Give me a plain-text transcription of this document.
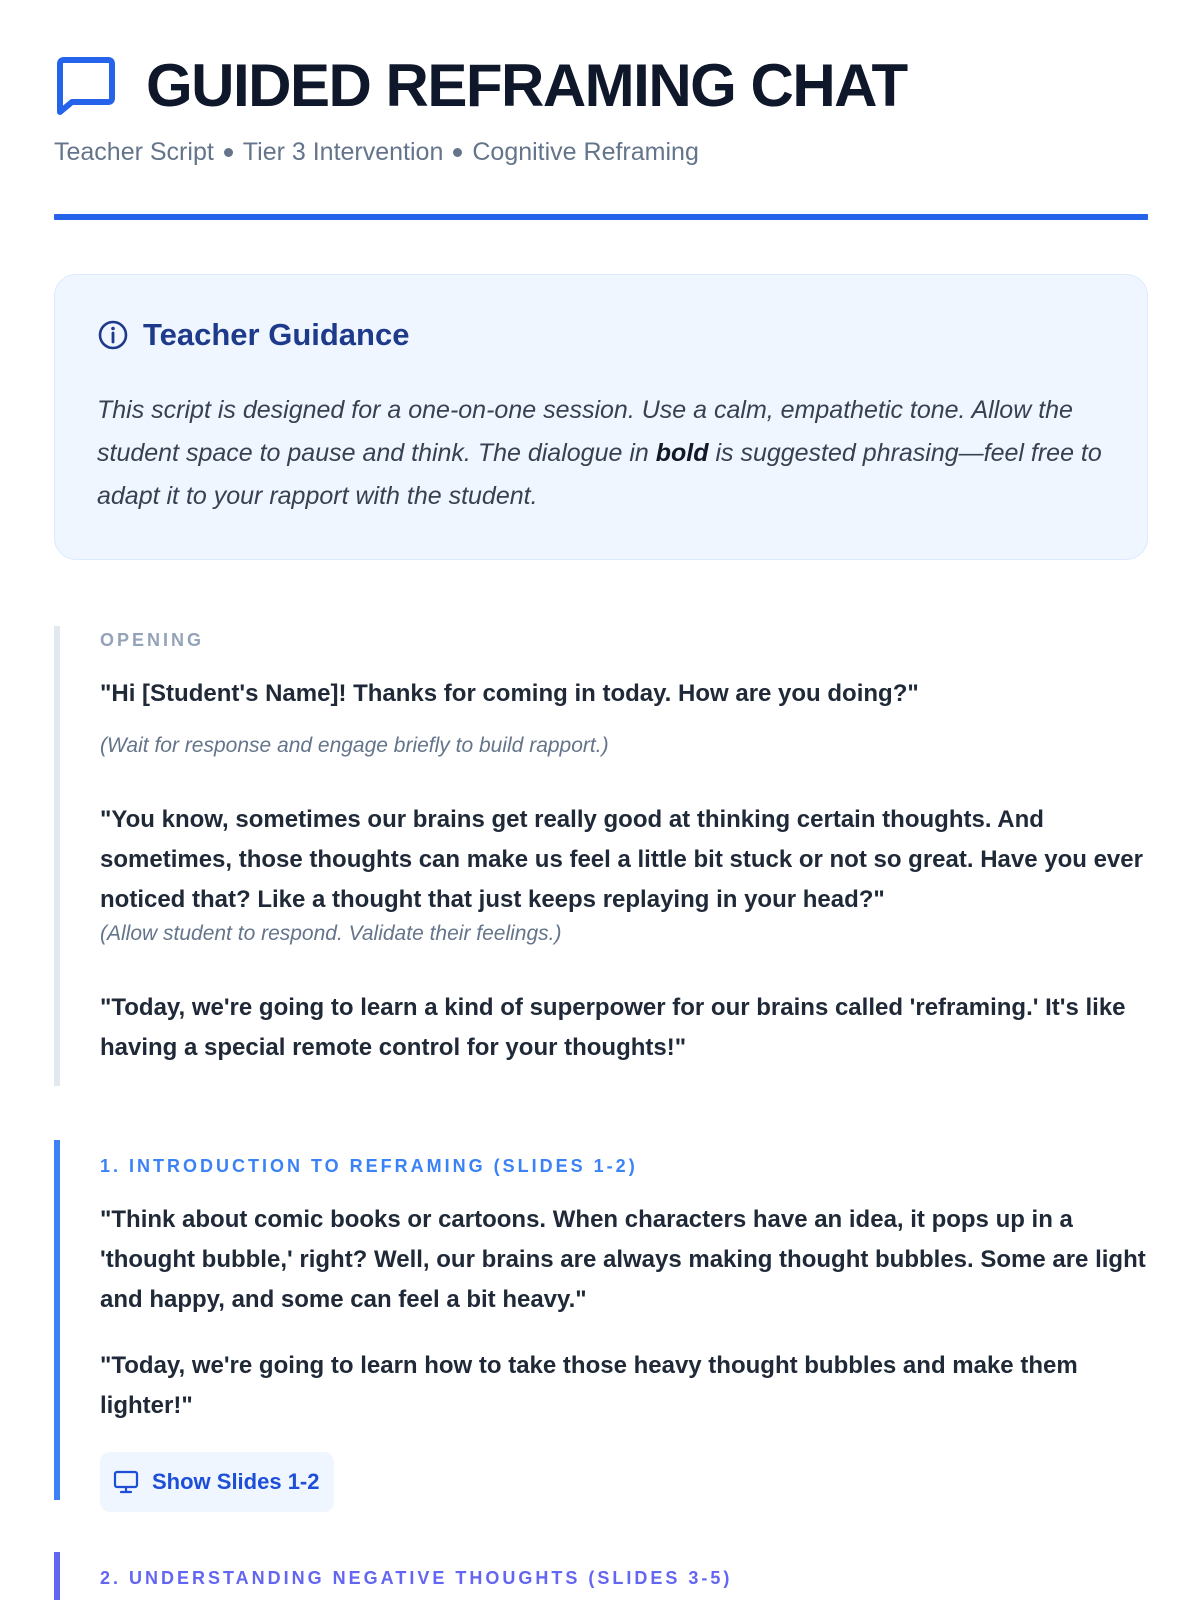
GUIDED REFRAMING CHAT
Teacher Script Tier 3 Intervention Cognitive Reframing
Teacher Guidance

This script is designed for a one-on-one session. Use a calm, empathetic tone. Allow the student space to pause and think. The dialogue in bold is suggested phrasing—feel free to adapt it to your rapport with the student.

OPENING

"Hi [Student's Name]! Thanks for coming in today. How are you doing?"

(Wait for response and engage briefly to build rapport.)

"You know, sometimes our brains get really good at thinking certain thoughts. And sometimes, those thoughts can make us feel a little bit stuck or not so great. Have you ever noticed that? Like a thought that just keeps replaying in your head?"

(Allow student to respond. Validate their feelings.)

"Today, we're going to learn a kind of superpower for our brains called 'reframing.' It's like having a special remote control for your thoughts!"

1. INTRODUCTION TO REFRAMING (SLIDES 1-2)

"Think about comic books or cartoons. When characters have an idea, it pops up in a 'thought bubble,' right? Well, our brains are always making thought bubbles. Some are light and happy, and some can feel a bit heavy."

"Today, we're going to learn how to take those heavy thought bubbles and make them lighter!"

Show Slides 1-2
2. UNDERSTANDING NEGATIVE THOUGHTS (SLIDES 3-5)
